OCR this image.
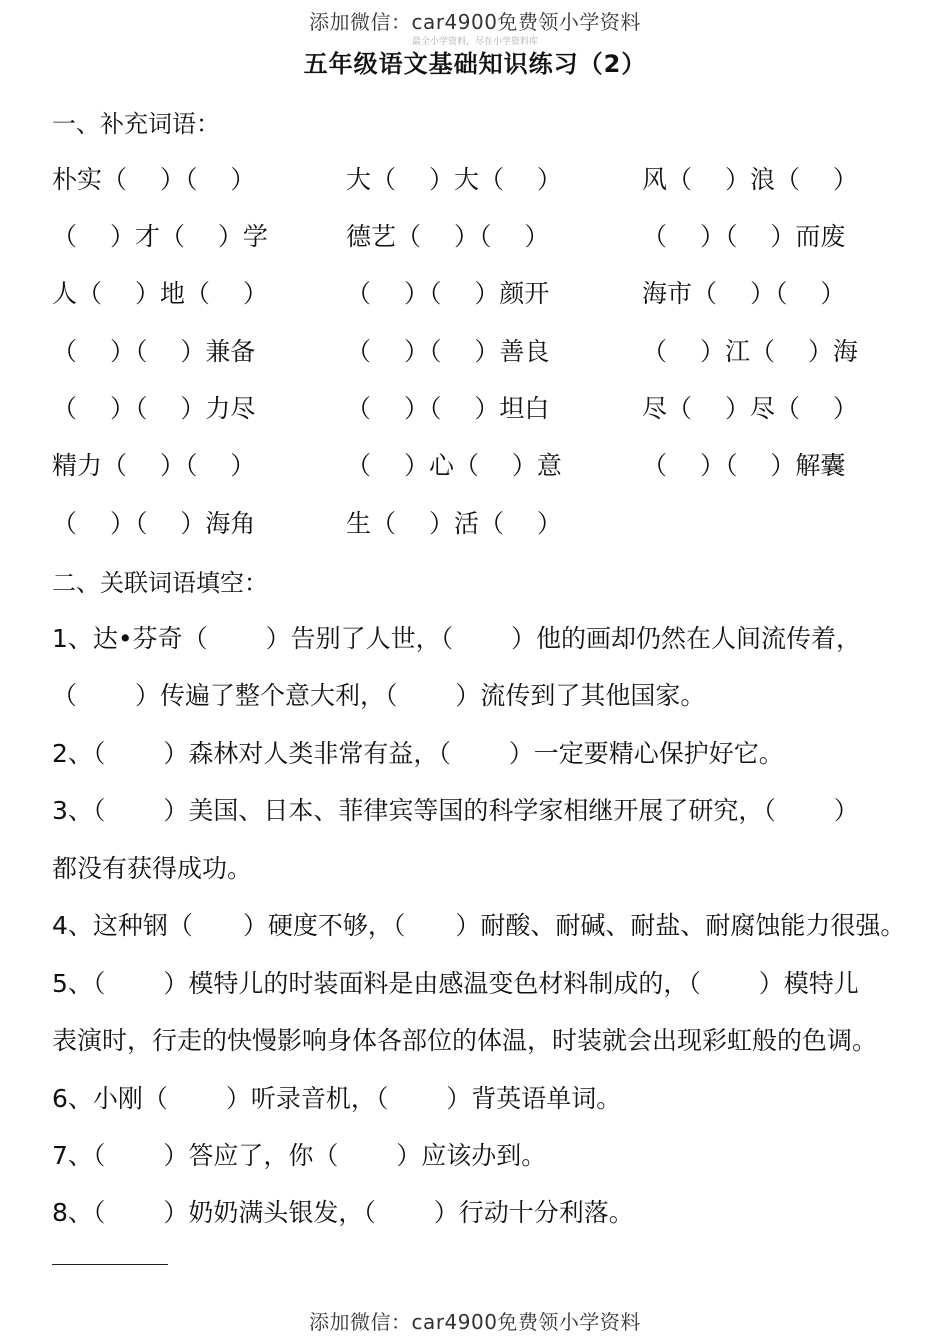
添加微信：car4900免费领小学资料
最全小学资料，尽在小学资料库
五年级语文基础知识练习（2）
一、补充词语：
朴实（　 ）（　 ）	大（　 ）大（　 ）	风（　 ）浪（　 ）
（　 ）才（　 ）学	德艺（　 ）（　 ）	（　 ）（　 ）而废
人（　 ）地（　 ）	（　 ）（　 ）颜开	海市（　 ）（　 ）
（　 ）（　 ）兼备	（　 ）（　 ）善良	（　 ）江（　 ）海
（　 ）（　 ）力尽	（　 ）（　 ）坦白	尽（　 ）尽（　 ）
精力（　 ）（　 ）	（　 ）心（　 ）意	（　 ）（　 ）解囊
（　 ）（　 ）海角	生（　 ）活（　 ）
二、关联词语填空：
1、达•芬奇（　　 ）告别了人世，（　　 ）他的画却仍然在人间流传着，
（　　 ）传遍了整个意大利，（　　 ）流传到了其他国家。
2、（　　 ）森林对人类非常有益，（　　 ）一定要精心保护好它。
3、（　　 ）美国、日本、菲律宾等国的科学家相继开展了研究，（　　 ）
都没有获得成功。
4、这种钢（　　）硬度不够，（　　）耐酸、耐碱、耐盐、耐腐蚀能力很强。
5、（　　 ）模特儿的时装面料是由感温变色材料制成的，（　　 ）模特儿
表演时，行走的快慢影响身体各部位的体温，时装就会出现彩虹般的色调。
6、小刚（　　 ）听录音机，（　　 ）背英语单词。
7、（　　 ）答应了，你（　　 ）应该办到。
8、（　　 ）奶奶满头银发，（　　 ）行动十分利落。
添加微信：car4900免费领小学资料
